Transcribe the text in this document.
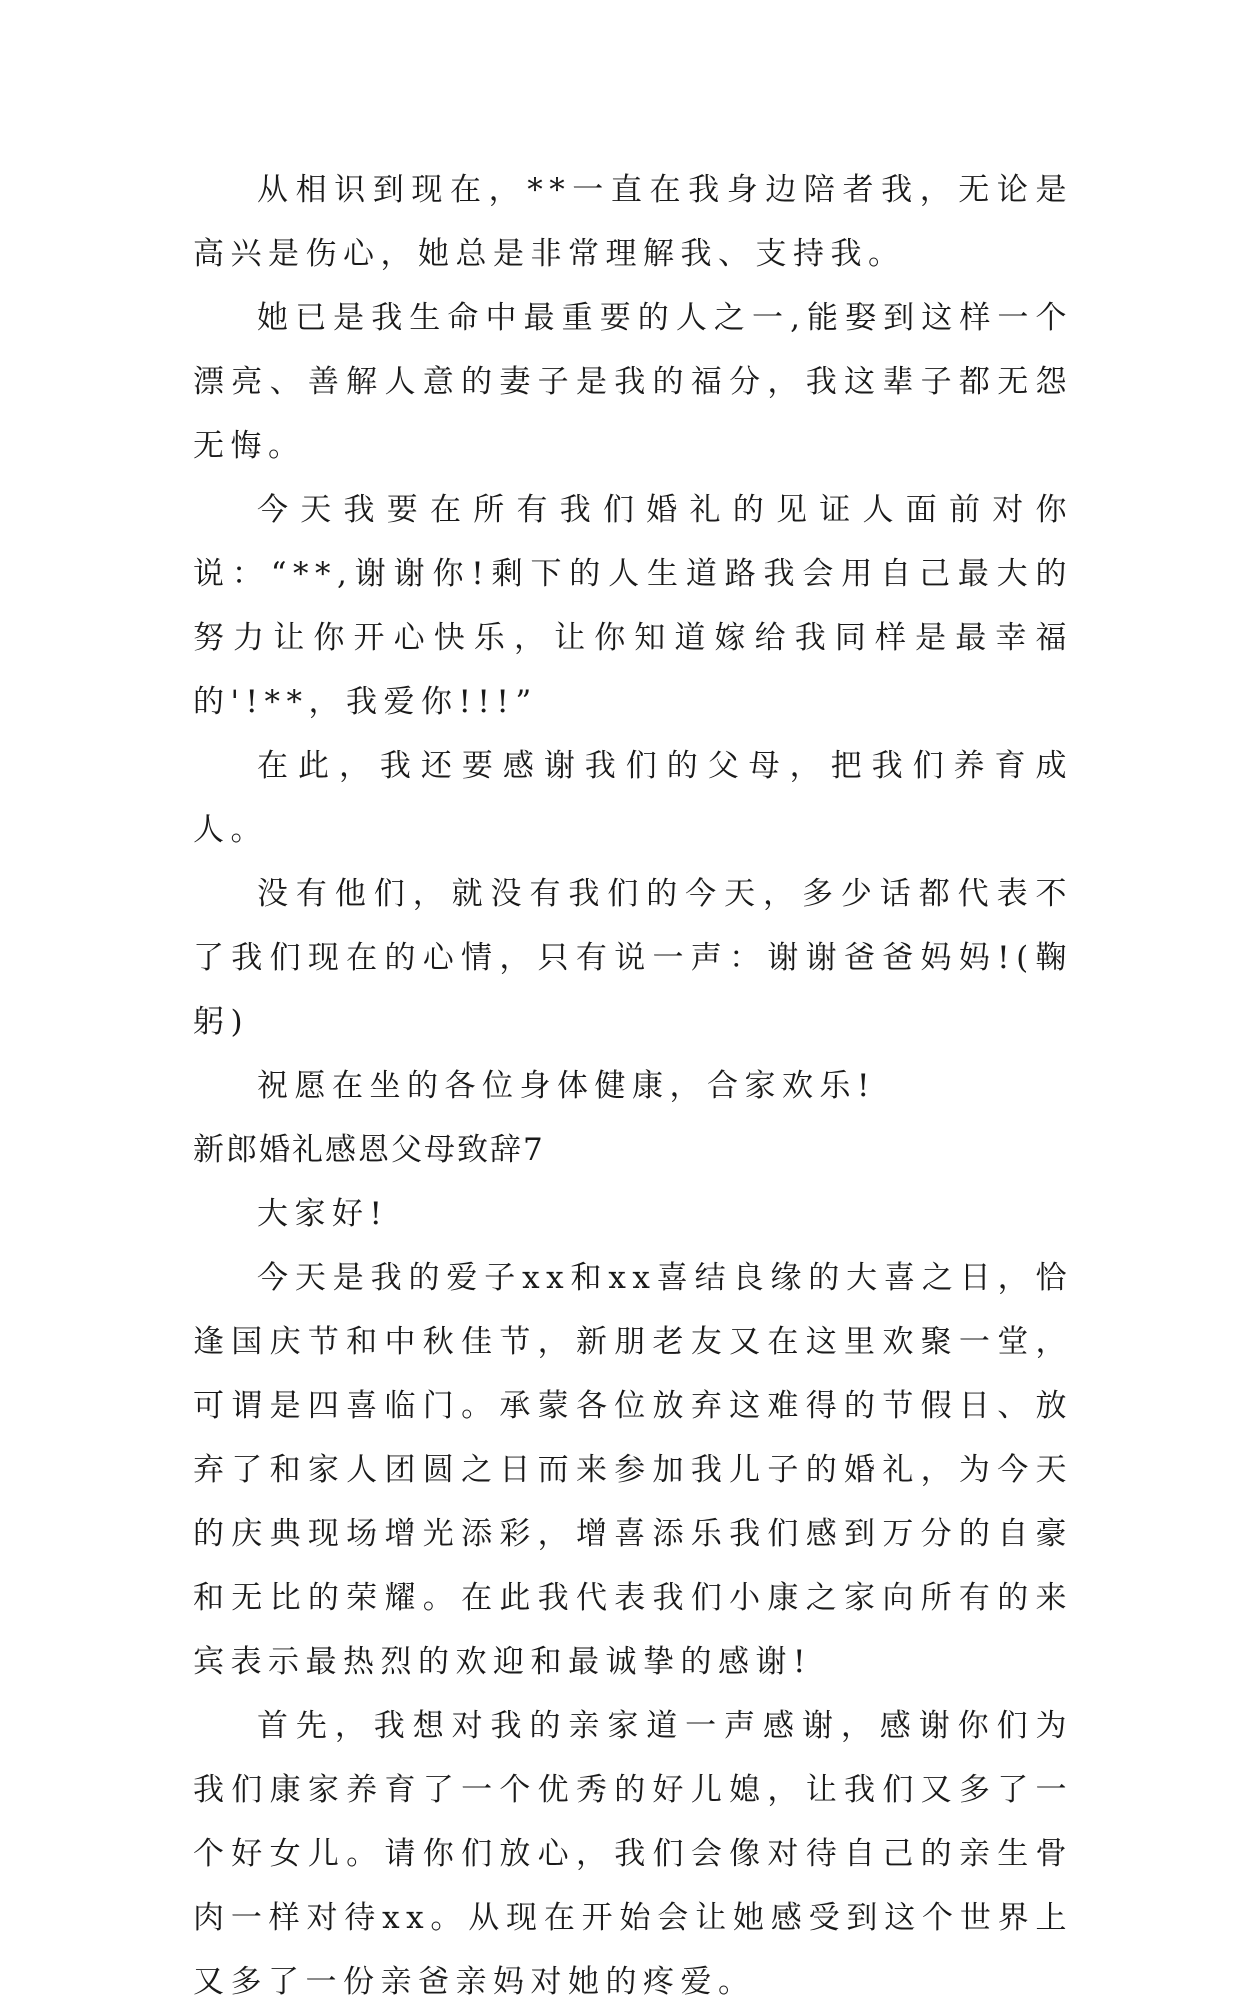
从相识到现在，**一直在我身边陪者我，无论是高兴是伤心，她总是非常理解我、支持我。

她已是我生命中最重要的人之一,能娶到这样一个漂亮、善解人意的妻子是我的福分，我这辈子都无怨无悔。

今天我要在所有我们婚礼的见证人面前对你说：“**,谢谢你!剩下的人生道路我会用自己最大的努力让你开心快乐，让你知道嫁给我同样是最幸福的'!**，我爱你!!!”

在此，我还要感谢我们的父母，把我们养育成人。

没有他们，就没有我们的今天，多少话都代表不了我们现在的心情，只有说一声：谢谢爸爸妈妈!(鞠躬)

祝愿在坐的各位身体健康，合家欢乐!

新郎婚礼感恩父母致辞7

大家好!

今天是我的爱子xx和xx喜结良缘的大喜之日，恰逢国庆节和中秋佳节，新朋老友又在这里欢聚一堂，可谓是四喜临门。承蒙各位放弃这难得的节假日、放弃了和家人团圆之日而来参加我儿子的婚礼，为今天的庆典现场增光添彩，增喜添乐我们感到万分的自豪和无比的荣耀。在此我代表我们小康之家向所有的来宾表示最热烈的欢迎和最诚挚的感谢!

首先，我想对我的亲家道一声感谢，感谢你们为我们康家养育了一个优秀的好儿媳，让我们又多了一个好女儿。请你们放心，我们会像对待自己的亲生骨肉一样对待xx。从现在开始会让她感受到这个世界上又多了一份亲爸亲妈对她的疼爱。
